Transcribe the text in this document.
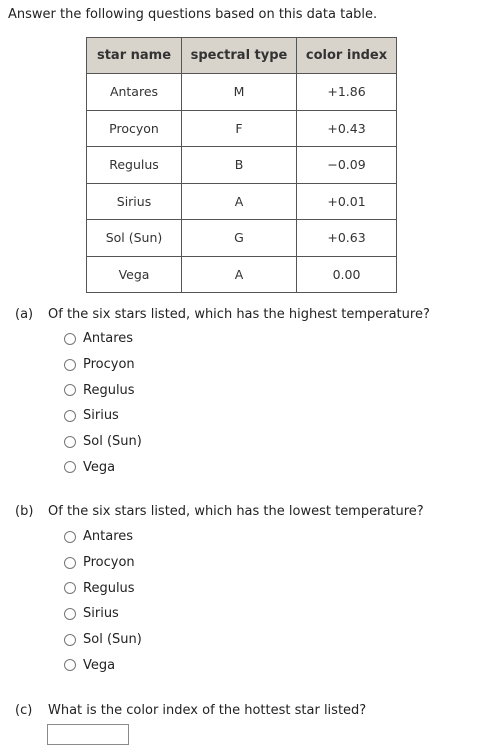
Answer the following questions based on this data table.
star name	spectral type	color index
Antares	M	+1.86
Procyon	F	+0.43
Regulus	B	−0.09
Sirius	A	+0.01
Sol (Sun)	G	+0.63
Vega	A	0.00
(a) Of the six stars listed, which has the highest temperature?
Antares
Procyon
Regulus
Sirius
Sol (Sun)
Vega
(b) Of the six stars listed, which has the lowest temperature?
Antares
Procyon
Regulus
Sirius
Sol (Sun)
Vega
(c) What is the color index of the hottest star listed?
